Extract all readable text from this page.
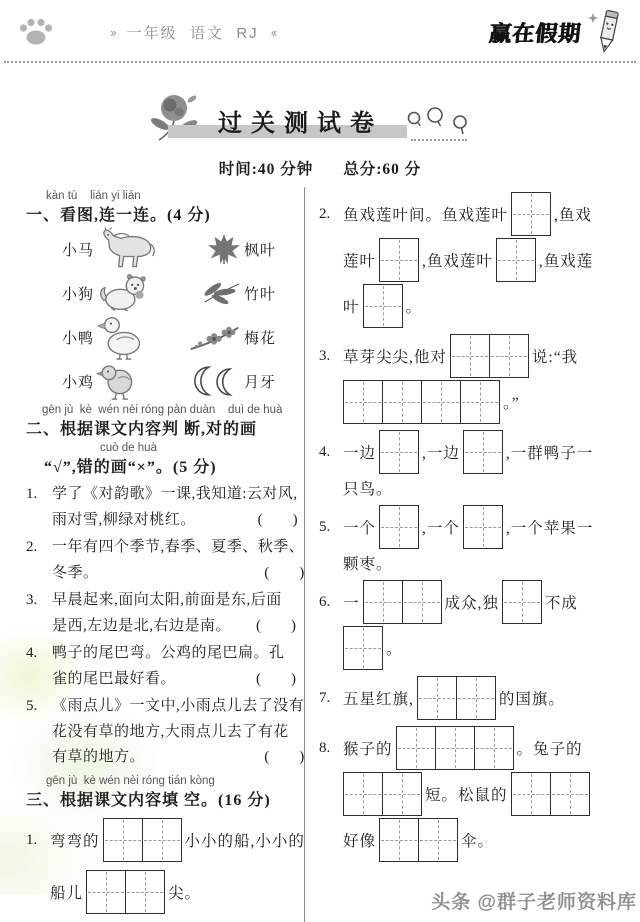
›› 一年级  语文  RJ ‹‹	赢在假期
过关测试卷
时间:40 分钟 总分:60 分
kàn tú    lián yi lián
一、看图,连一连。(4 分)
小马	枫叶
小狗	竹叶
小鸭	梅花
小鸡	月牙
gēn jù  kè  wén nèi róng pàn duàn    duì de huà
二、根据课文内容判 断,对的画
cuò de huà
“√”,错的画“×”。(5 分)
1. 学了《对韵歌》一课,我知道:云对风,
雨对雪,柳绿对桃红。	(　　)
2. 一年有四个季节,春季、夏季、秋季、
冬季。	(　　)
3. 早晨起来,面向太阳,前面是东,后面
是西,左边是北,右边是南。 (　　)
4. 鸭子的尾巴弯。公鸡的尾巴扁。孔
雀的尾巴最好看。	(　　)
5. 《雨点儿》一文中,小雨点儿去了没有
花没有草的地方,大雨点儿去了有花
有草的地方。	(　　)
gēn jù  kè wén nèi róng tián kòng
三、根据课文内容填 空。(16 分)
1. 弯弯的	小小的船,小小的
船儿	尖。
2. 鱼戏莲叶间。鱼戏莲叶	,鱼戏
莲叶	,鱼戏莲叶	,鱼戏莲
叶	。
3. 草芽尖尖,他对	说:“我
。”
4. 一边	,一边	,一群鸭子一
只鸟。
5. 一个	,一个	,一个苹果一
颗枣。
6. 一	成众,独	不成
。
7. 五星红旗,	的国旗。
8. 猴子的	。兔子的
短。松鼠的
好像	伞。
头条 @群子老师资料库
